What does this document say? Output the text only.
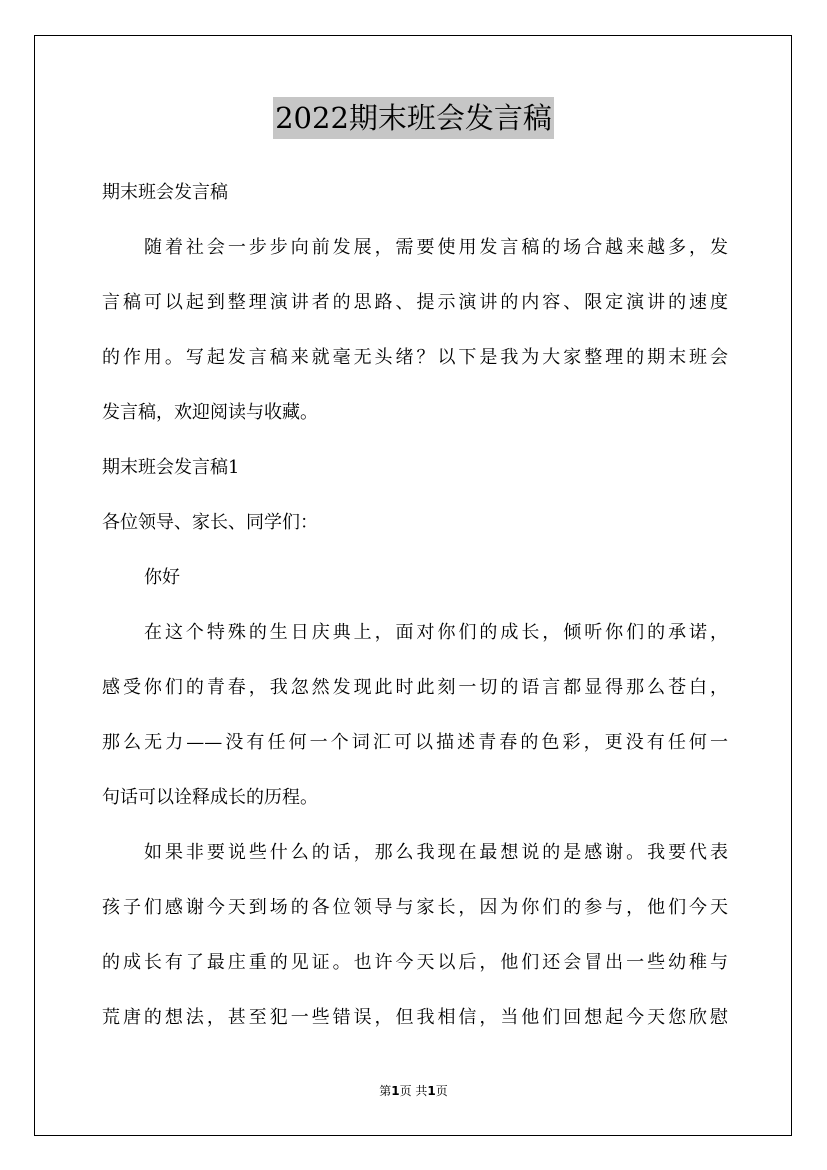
2022期末班会发言稿
期末班会发言稿
随着社会一步步向前发展，需要使用发言稿的场合越来越多，发
言稿可以起到整理演讲者的思路、提示演讲的内容、限定演讲的速度
的作用。写起发言稿来就毫无头绪？以下是我为大家整理的期末班会
发言稿，欢迎阅读与收藏。
期末班会发言稿1
各位领导、家长、同学们：
你好
在这个特殊的生日庆典上，面对你们的成长，倾听你们的承诺，
感受你们的青春，我忽然发现此时此刻一切的语言都显得那么苍白，
那么无力——没有任何一个词汇可以描述青春的色彩，更没有任何一
句话可以诠释成长的历程。
如果非要说些什么的话，那么我现在最想说的是感谢。我要代表
孩子们感谢今天到场的各位领导与家长，因为你们的参与，他们今天
的成长有了最庄重的见证。也许今天以后，他们还会冒出一些幼稚与
荒唐的想法，甚至犯一些错误，但我相信，当他们回想起今天您欣慰
第1页 共1页
